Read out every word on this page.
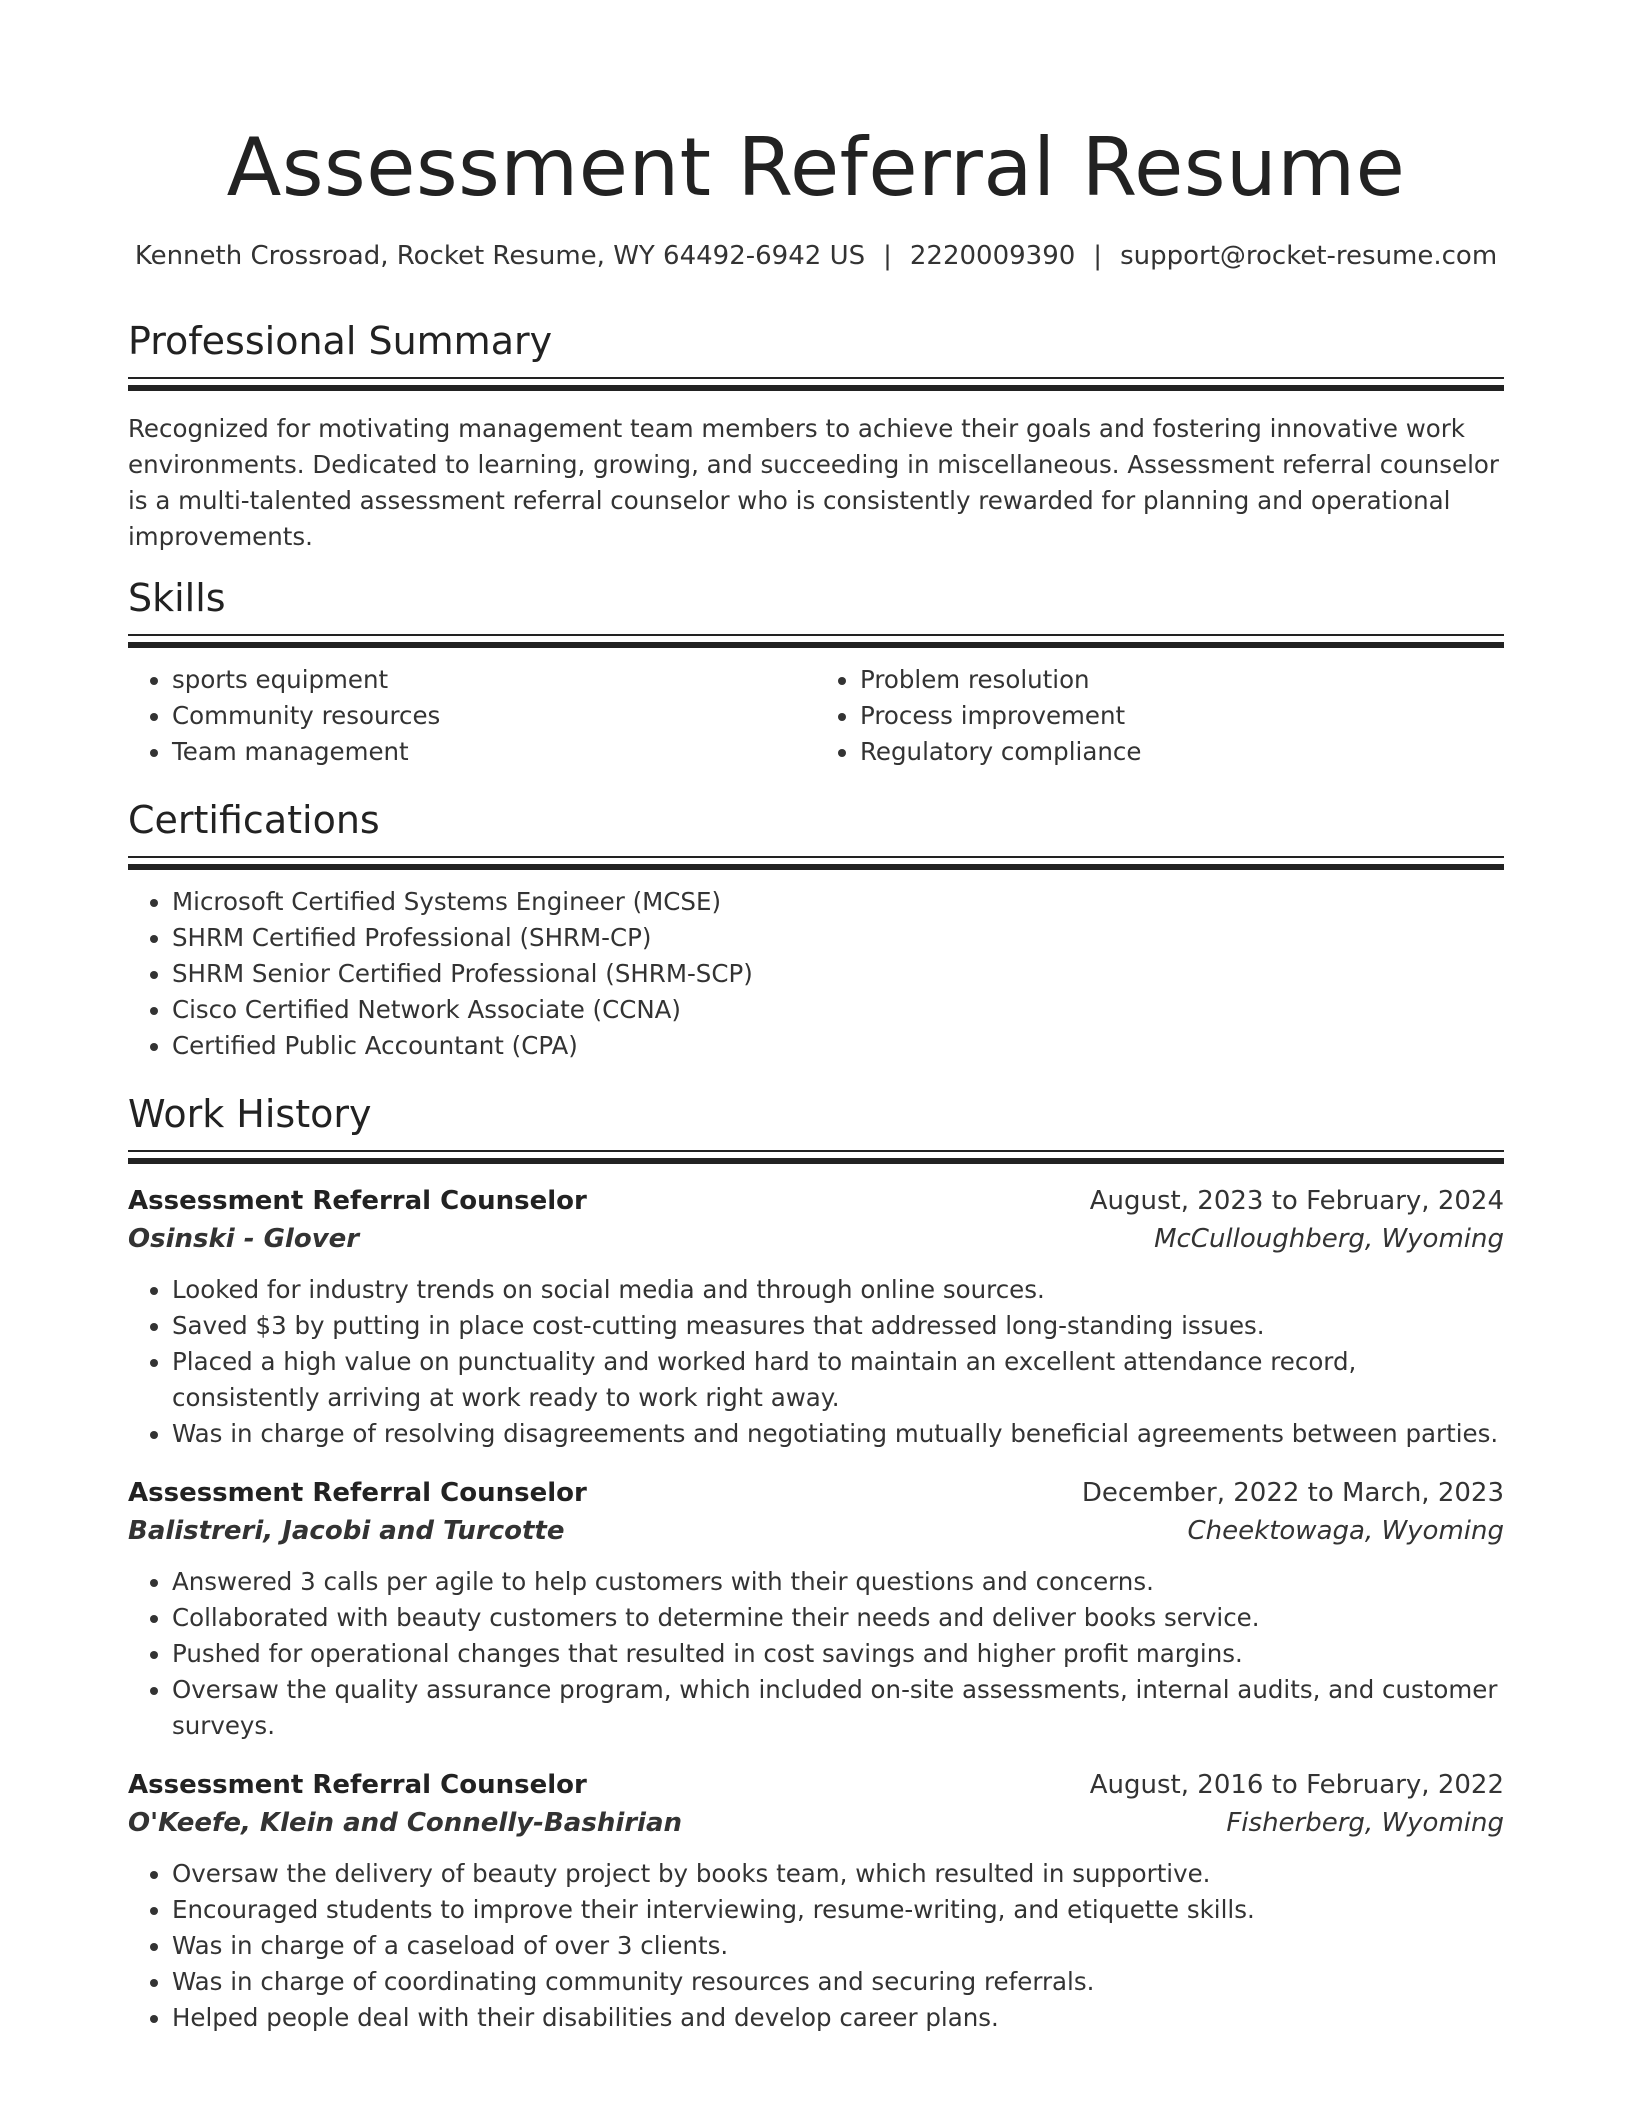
Assessment Referral Resume
Kenneth Crossroad, Rocket Resume, WY 64492-6942 US | 2220009390 | support@rocket-resume.com
Professional Summary

Recognized for motivating management team members to achieve their goals and fostering innovative work environments. Dedicated to learning, growing, and succeeding in miscellaneous. Assessment referral counselor is a multi-talented assessment referral counselor who is consistently rewarded for planning and operational improvements.

Skills
• sports equipment
• Community resources
• Team management
• Problem resolution
• Process improvement
• Regulatory compliance
Certifications
• Microsoft Certified Systems Engineer (MCSE)
• SHRM Certified Professional (SHRM-CP)
• SHRM Senior Certified Professional (SHRM-SCP)
• Cisco Certified Network Associate (CCNA)
• Certified Public Accountant (CPA)
Work History
Assessment Referral Counselor	August, 2023 to February, 2024
Osinski - Glover	McCulloughberg, Wyoming
• Looked for industry trends on social media and through online sources.
• Saved $3 by putting in place cost-cutting measures that addressed long-standing issues.
• Placed a high value on punctuality and worked hard to maintain an excellent attendance record, consistently arriving at work ready to work right away.
• Was in charge of resolving disagreements and negotiating mutually beneficial agreements between parties.
Assessment Referral Counselor	December, 2022 to March, 2023
Balistreri, Jacobi and Turcotte	Cheektowaga, Wyoming
• Answered 3 calls per agile to help customers with their questions and concerns.
• Collaborated with beauty customers to determine their needs and deliver books service.
• Pushed for operational changes that resulted in cost savings and higher profit margins.
• Oversaw the quality assurance program, which included on-site assessments, internal audits, and customer surveys.
Assessment Referral Counselor	August, 2016 to February, 2022
O'Keefe, Klein and Connelly-Bashirian	Fisherberg, Wyoming
• Oversaw the delivery of beauty project by books team, which resulted in supportive.
• Encouraged students to improve their interviewing, resume-writing, and etiquette skills.
• Was in charge of a caseload of over 3 clients.
• Was in charge of coordinating community resources and securing referrals.
• Helped people deal with their disabilities and develop career plans.
